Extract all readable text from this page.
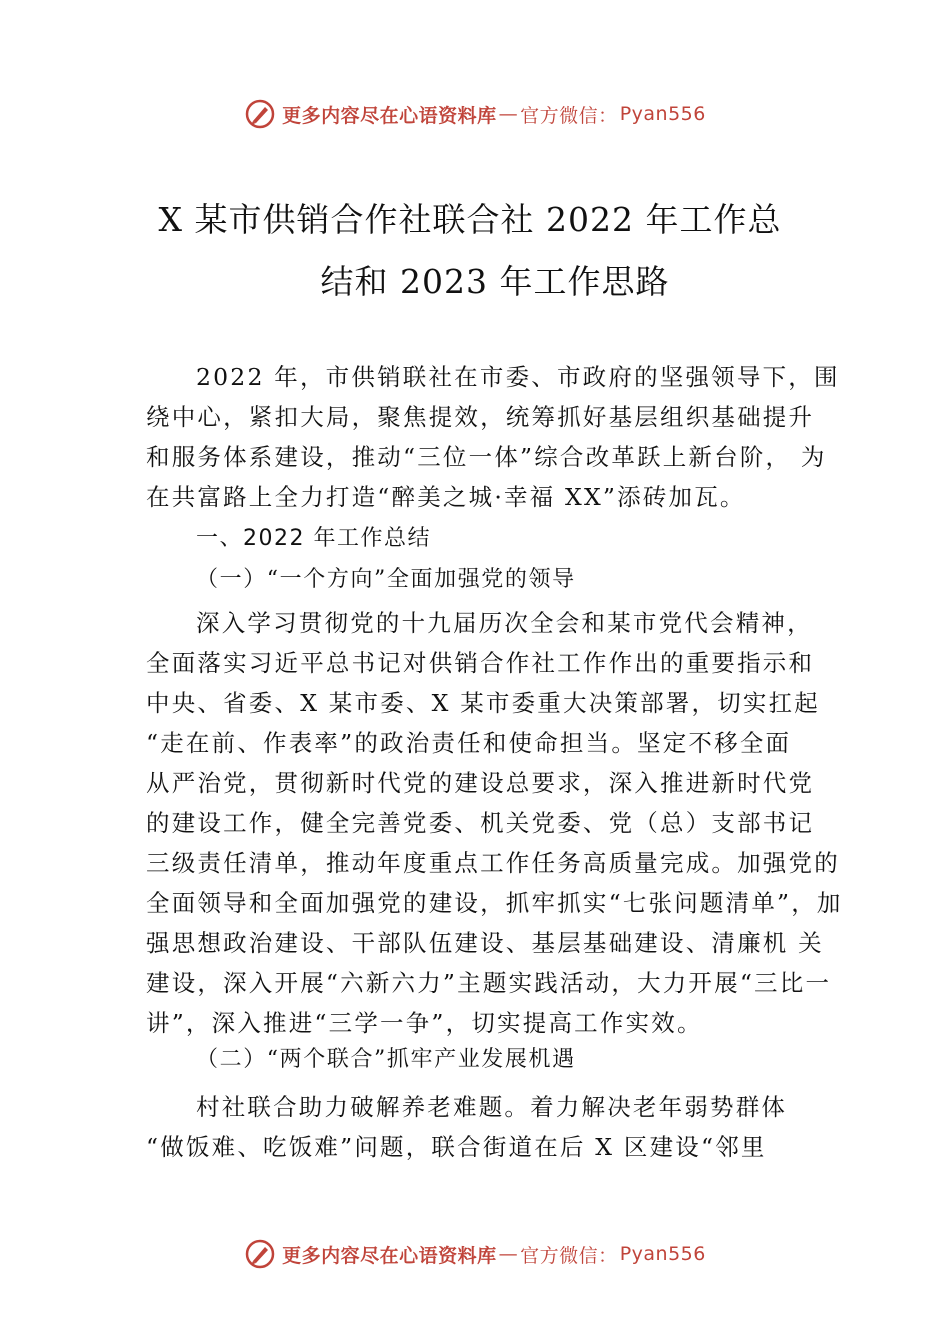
更多内容尽在心语资料库 — 官方微信： Pyan556
X 某市供销合作社联合社 2022 年工作总
结和 2023 年工作思路
2022 年，市供销联社在市委、市政府的坚强领导下，围
绕中心，紧扣大局，聚焦提效，统筹抓好基层组织基础提升
和服务体系建设，推动“三位一体”综合改革跃上新台阶， 为
在共富路上全力打造“醉美之城·幸福 XX”添砖加瓦。
一、2022 年工作总结
（一）“一个方向”全面加强党的领导
深入学习贯彻党的十九届历次全会和某市党代会精神，
全面落实习近平总书记对供销合作社工作作出的重要指示和
中央、省委、X 某市委、X 某市委重大决策部署，切实扛起
“走在前、作表率”的政治责任和使命担当。坚定不移全面
从严治党，贯彻新时代党的建设总要求，深入推进新时代党
的建设工作，健全完善党委、机关党委、党（总）支部书记
三级责任清单，推动年度重点工作任务高质量完成。加强党的
全面领导和全面加强党的建设，抓牢抓实“七张问题清单”，加
强思想政治建设、干部队伍建设、基层基础建设、清廉机 关
建设，深入开展“六新六力”主题实践活动，大力开展“三比一
讲”，深入推进“三学一争”，切实提高工作实效。
（二）“两个联合”抓牢产业发展机遇
村社联合助力破解养老难题。着力解决老年弱势群体
“做饭难、吃饭难”问题，联合街道在后 X 区建设“邻里
更多内容尽在心语资料库 — 官方微信： Pyan556
